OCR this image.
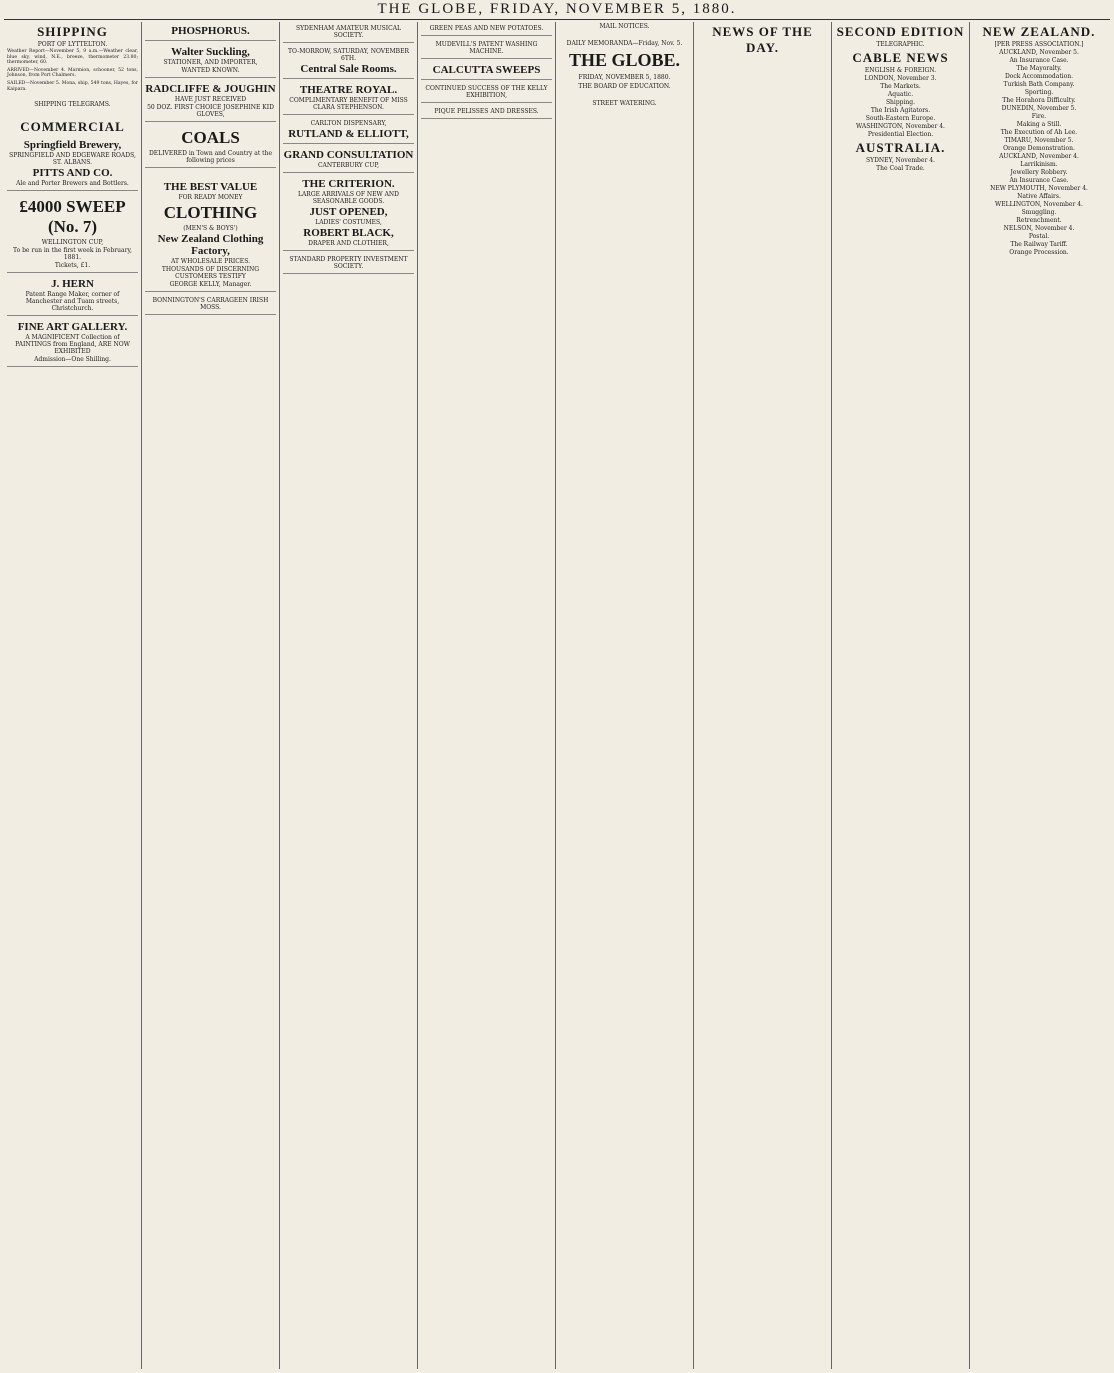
THE GLOBE, FRIDAY, NOVEMBER 5, 1880.
SHIPPING
PORT OF LYTTELTON.

Weather Report—November 5, 9 a.m.—Weather clear, blue sky, wind, N.E., breeze, thermometer 23.80; thermometer, 60.

ARRIVED—November 4. Marmion, schooner, 52 tons, Johnson, from Port Chalmers.

SAILED—November 5. Mona, ship, 549 tons, Hayes, for Kaipara.

SHIPPING TELEGRAMS.
COMMERCIAL
Springfield Brewery,
SPRINGFIELD AND EDGEWARE ROADS, ST. ALBANS.
PITTS AND CO.
Ale and Porter Brewers and Bottlers.
£4000 SWEEP (No. 7)
WELLINGTON CUP,
To be run in the first week in February, 1881.
Tickets, £1.
J. HERN
Patent Range Maker, corner of Manchester and Tuam streets, Christchurch.
FINE ART GALLERY.
A MAGNIFICENT Collection of PAINTINGS from England, ARE NOW EXHIBITED
Admission—One Shilling.
PHOSPHORUS.
Walter Suckling,
STATIONER, AND IMPORTER,
WANTED KNOWN.
RADCLIFFE & JOUGHIN
HAVE JUST RECEIVED
50 DOZ. FIRST CHOICE JOSEPHINE KID GLOVES,
COALS
DELIVERED in Town and Country at the following prices
THE BEST VALUE
FOR READY MONEY
CLOTHING
(MEN'S & BOYS')
New Zealand Clothing Factory,
AT WHOLESALE PRICES.
THOUSANDS OF DISCERNING CUSTOMERS TESTIFY
GEORGE KELLY, Manager.
BONNINGTON'S CARRAGEEN IRISH MOSS.
SYDENHAM AMATEUR MUSICAL SOCIETY.
TO-MORROW, SATURDAY, NOVEMBER 6TH.
Central Sale Rooms.
THEATRE ROYAL.
COMPLIMENTARY BENEFIT OF MISS CLARA STEPHENSON.
CARLTON DISPENSARY,
RUTLAND & ELLIOTT,
GRAND CONSULTATION
CANTERBURY CUP,
THE CRITERION.
LARGE ARRIVALS OF NEW AND SEASONABLE GOODS.
JUST OPENED,
LADIES' COSTUMES,
ROBERT BLACK,
DRAPER AND CLOTHIER,
STANDARD PROPERTY INVESTMENT SOCIETY.
GREEN PEAS AND NEW POTATOES.
MUDEVILL'S PATENT WASHING MACHINE.
CALCUTTA SWEEPS
CONTINUED SUCCESS OF THE KELLY EXHIBITION,
PIQUE PELISSES AND DRESSES.
MAIL NOTICES.
DAILY MEMORANDA—Friday, Nov. 5.
THE GLOBE.
FRIDAY, NOVEMBER 5, 1880.
THE BOARD OF EDUCATION.
STREET WATERING.
NEWS OF THE DAY.
SECOND EDITION
TELEGRAPHIC.
CABLE NEWS
ENGLISH & FOREIGN.
LONDON, November 3.
The Markets.
Aquatic.
Shipping.
The Irish Agitators.
South-Eastern Europe.
WASHINGTON, November 4.
Presidential Election.
AUSTRALIA.
SYDNEY, November 4.
The Coal Trade.
NEW ZEALAND.
[PER PRESS ASSOCIATION.]
AUCKLAND, November 5.
An Insurance Case.
The Mayoralty.
Dock Accommodation.
Turkish Bath Company.
Sporting.
The Horahora Difficulty.
DUNEDIN, November 5.
Fire.
Making a Still.
The Execution of Ah Lee.
TIMARU, November 5.
Orange Demonstration.
AUCKLAND, November 4.
Larrikinism.
Jewellery Robbery.
An Insurance Case.
NEW PLYMOUTH, November 4.
Native Affairs.
WELLINGTON, November 4.
Smuggling.
Retrenchment.
NELSON, November 4.
Postal.
The Railway Tariff.
Orange Procession.
